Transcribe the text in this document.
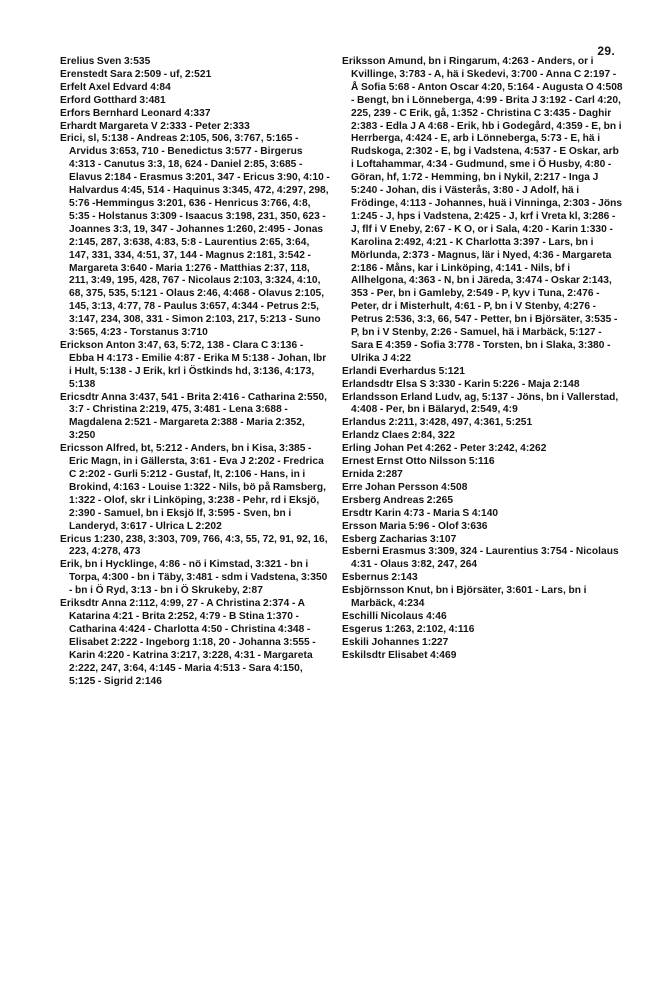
29.

Erelius Sven 3:535

Erenstedt Sara 2:509 - uf, 2:521

Erfelt Axel Edvard 4:84

Erford Gotthard 3:481

Erfors Bernhard Leonard 4:337

Erhardt Margareta V 2:333 - Peter 2:333

Erici, sl, 5:138 - Andreas 2:105, 506, 3:767, 5:165 - Arvidus 3:653, 710 - Benedictus 3:577 - Birgerus 4:313 - Canutus 3:3, 18, 624 - Daniel 2:85, 3:685 - Elavus 2:184 - Erasmus 3:201, 347 - Ericus 3:90, 4:10 - Halvardus 4:45, 514 - Haquinus 3:345, 472, 4:297, 298, 5:76 -Hemmingus 3:201, 636 - Henricus 3:766, 4:8, 5:35 - Holstanus 3:309 - Isaacus 3:198, 231, 350, 623 - Joannes 3:3, 19, 347 - Johannes 1:260, 2:495 - Jonas 2:145, 287, 3:638, 4:83, 5:8 - Laurentius 2:65, 3:64, 147, 331, 334, 4:51, 37, 144 - Magnus 2:181, 3:542 - Margareta 3:640 - Maria 1:276 - Matthias 2:37, 118, 211, 3:49, 195, 428, 767 - Nicolaus 2:103, 3:324, 4:10, 68, 375, 535, 5:121 - Olaus 2:46, 4:468 - Olavus 2:105, 145, 3:13, 4:77, 78 - Paulus 3:657, 4:344 - Petrus 2:5, 3:147, 234, 308, 331 - Simon 2:103, 217, 5:213 - Suno 3:565, 4:23 - Torstanus 3:710

Erickson Anton 3:47, 63, 5:72, 138 - Clara C 3:136 - Ebba H 4:173 - Emilie 4:87 - Erika M 5:138 - Johan, lbr i Hult, 5:138 - J Erik, krl i Östkinds hd, 3:136, 4:173, 5:138

Ericsdtr Anna 3:437, 541 - Brita 2:416 - Catharina 2:550, 3:7 - Christina 2:219, 475, 3:481 - Lena 3:688 - Magdalena 2:521 - Margareta 2:388 - Maria 2:352, 3:250

Ericsson Alfred, bt, 5:212 - Anders, bn i Kisa, 3:385 - Eric Magn, in i Gällersta, 3:61 - Eva J 2:202 - Fredrica C 2:202 - Gurli 5:212 - Gustaf, lt, 2:106 - Hans, in i Brokind, 4:163 - Louise 1:322 - Nils, bö på Ramsberg, 1:322 - Olof, skr i Linköping, 3:238 - Pehr, rd i Eksjö, 2:390 - Samuel, bn i Eksjö lf, 3:595 - Sven, bn i Landeryd, 3:617 - Ulrica L 2:202

Ericus 1:230, 238, 3:303, 709, 766, 4:3, 55, 72, 91, 92, 16, 223, 4:278, 473

Erik, bn i Hycklinge, 4:86 - nö i Kimstad, 3:321 - bn i Torpa, 4:300 - bn i Täby, 3:481 - sdm i Vadstena, 3:350 - bn i Ö Ryd, 3:13 - bn i Ö Skrukeby, 2:87

Eriksdtr Anna 2:112, 4:99, 27 - A Christina 2:374 - A Katarina 4:21 - Brita 2:252, 4:79 - B Stina 1:370 - Catharina 4:424 - Charlotta 4:50 - Christina 4:348 - Elisabet 2:222 - Ingeborg 1:18, 20 - Johanna 3:555 - Karin 4:220 - Katrina 3:217, 3:228, 4:31 - Margareta 2:222, 247, 3:64, 4:145 - Maria 4:513 - Sara 4:150, 5:125 - Sigrid 2:146

Eriksson Amund, bn i Ringarum, 4:263 - Anders, or i Kvillinge, 3:783 - A, hä i Skedevi, 3:700 - Anna C 2:197 - Å Sofia 5:68 - Anton Oscar 4:20, 5:164 - Augusta O 4:508 - Bengt, bn i Lönneberga, 4:99 - Brita J 3:192 - Carl 4:20, 225, 239 - C Erik, gå, 1:352 - Christina C 3:435 - Daghir 2:383 - Edla J A 4:68 - Erik, hb i Godegård, 4:359 - E, bn i Herrberga, 4:424 - E, arb i Lönneberga, 5:73 - E, hä i Rudskoga, 2:302 - E, bg i Vadstena, 4:537 - E Oskar, arb i Loftahammar, 4:34 - Gudmund, sme i Ö Husby, 4:80 - Göran, hf, 1:72 - Hemming, bn i Nykil, 2:217 - Inga J 5:240 - Johan, dis i Västerås, 3:80 - J Adolf, hä i Frödinge, 4:113 - Johannes, huä i Vinninga, 2:303 - Jöns 1:245 - J, hps i Vadstena, 2:425 - J, krf i Vreta kl, 3:286 - J, flf i V Eneby, 2:67 - K O, or i Sala, 4:20 - Karin 1:330 - Karolina 2:492, 4:21 - K Charlotta 3:397 - Lars, bn i Mörlunda, 2:373 - Magnus, lär i Nyed, 4:36 - Margareta 2:186 - Måns, kar i Linköping, 4:141 - Nils, bf i Allhelgona, 4:363 - N, bn i Järeda, 3:474 - Oskar 2:143, 353 - Per, bn i Gamleby, 2:549 - P, kyv i Tuna, 2:476 - Peter, dr i Misterhult, 4:61 - P, bn i V Stenby, 4:276 - Petrus 2:536, 3:3, 66, 547 - Petter, bn i Björsäter, 3:535 - P, bn i V Stenby, 2:26 - Samuel, hä i Marbäck, 5:127 - Sara E 4:359 - Sofia 3:778 - Torsten, bn i Slaka, 3:380 - Ulrika J 4:22

Erlandi Everhardus 5:121

Erlandsdtr Elsa S 3:330 - Karin 5:226 - Maja 2:148

Erlandsson Erland Ludv, ag, 5:137 - Jöns, bn i Vallerstad, 4:408 - Per, bn i Bälaryd, 2:549, 4:9

Erlandus 2:211, 3:428, 497, 4:361, 5:251

Erlandz Claes 2:84, 322

Erling Johan Pet 4:262 - Peter 3:242, 4:262

Ernest Ernst Otto Nilsson 5:116

Ernida 2:287

Erre Johan Persson 4:508

Ersberg Andreas 2:265

Ersdtr Karin 4:73 - Maria S 4:140

Ersson Maria 5:96 - Olof 3:636

Esberg Zacharias 3:107

Esberni Erasmus 3:309, 324 - Laurentius 3:754 - Nicolaus 4:31 - Olaus 3:82, 247, 264

Esbernus 2:143

Esbjörnsson Knut, bn i Björsäter, 3:601 - Lars, bn i Marbäck, 4:234

Eschilli Nicolaus 4:46

Esgerus 1:263, 2:102, 4:116

Eskili Johannes 1:227

Eskilsdtr Elisabet 4:469
